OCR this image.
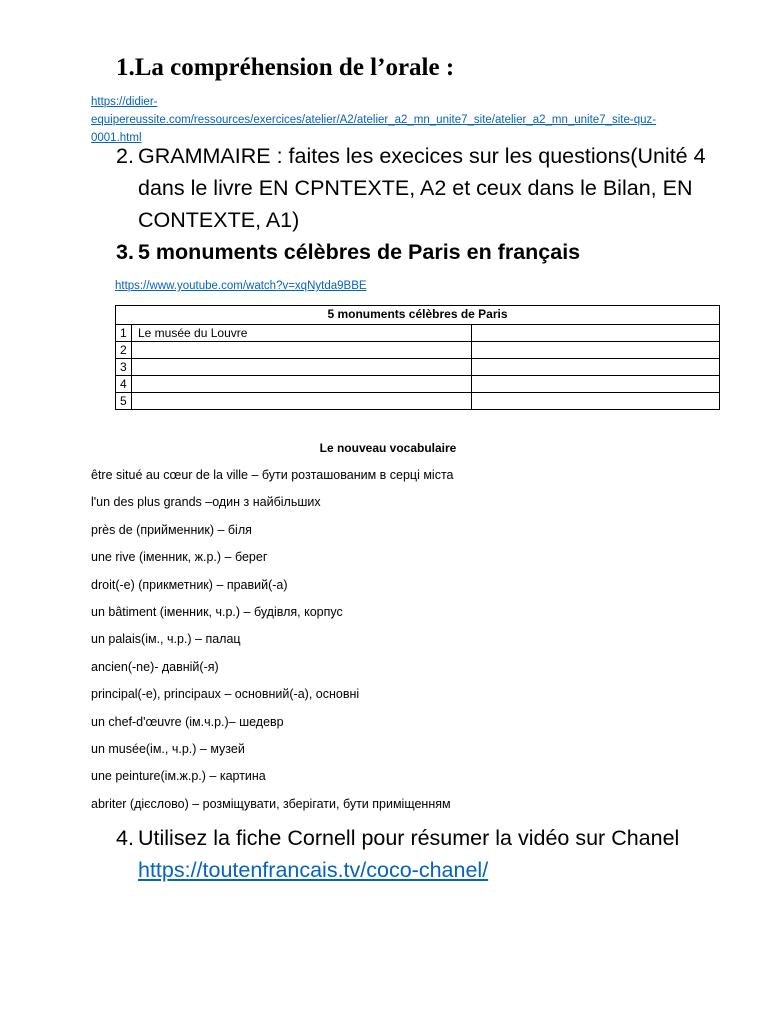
1.La compréhension de l’orale :
https://didier-equipereussite.com/ressources/exercices/atelier/A2/atelier_a2_mn_unite7_site/atelier_a2_mn_unite7_site-quz-0001.html
2. GRAMMAIRE : faites les execices sur les questions(Unité 4 dans le livre EN CPNTEXTE, A2 et ceux dans le Bilan, EN CONTEXTE, A1)
3. 5 monuments célèbres de Paris en français
https://www.youtube.com/watch?v=xqNytda9BBE
5 monuments célèbres de Paris		
1	Le musée du Louvre	
2		
3		
4		
5		
Le nouveau vocabulaire
être situé au cœur de la ville – бути розташованим в серці міста
l'un des plus grands –один з найбільших
près de (прийменник) – біля
une rive (іменник, ж.р.) – берег
droit(-e) (прикметник) – правий(-а)
un bâtiment (іменник, ч.р.) – будівля, корпус
un palais(ім., ч.р.) – палац
ancien(-ne)- давній(-я)
principal(-e), principaux – основний(-а), основні
un chef-d'œuvre (ім.ч.р.)– шедевр
un musée(ім., ч.р.) – музей
une peinture(ім.ж.р.) – картина
abriter (дієслово) – розміщувати, зберігати, бути приміщенням
4. Utilisez la fiche Cornell pour résumer la vidéo sur Chanel https://toutenfrancais.tv/coco-chanel/
